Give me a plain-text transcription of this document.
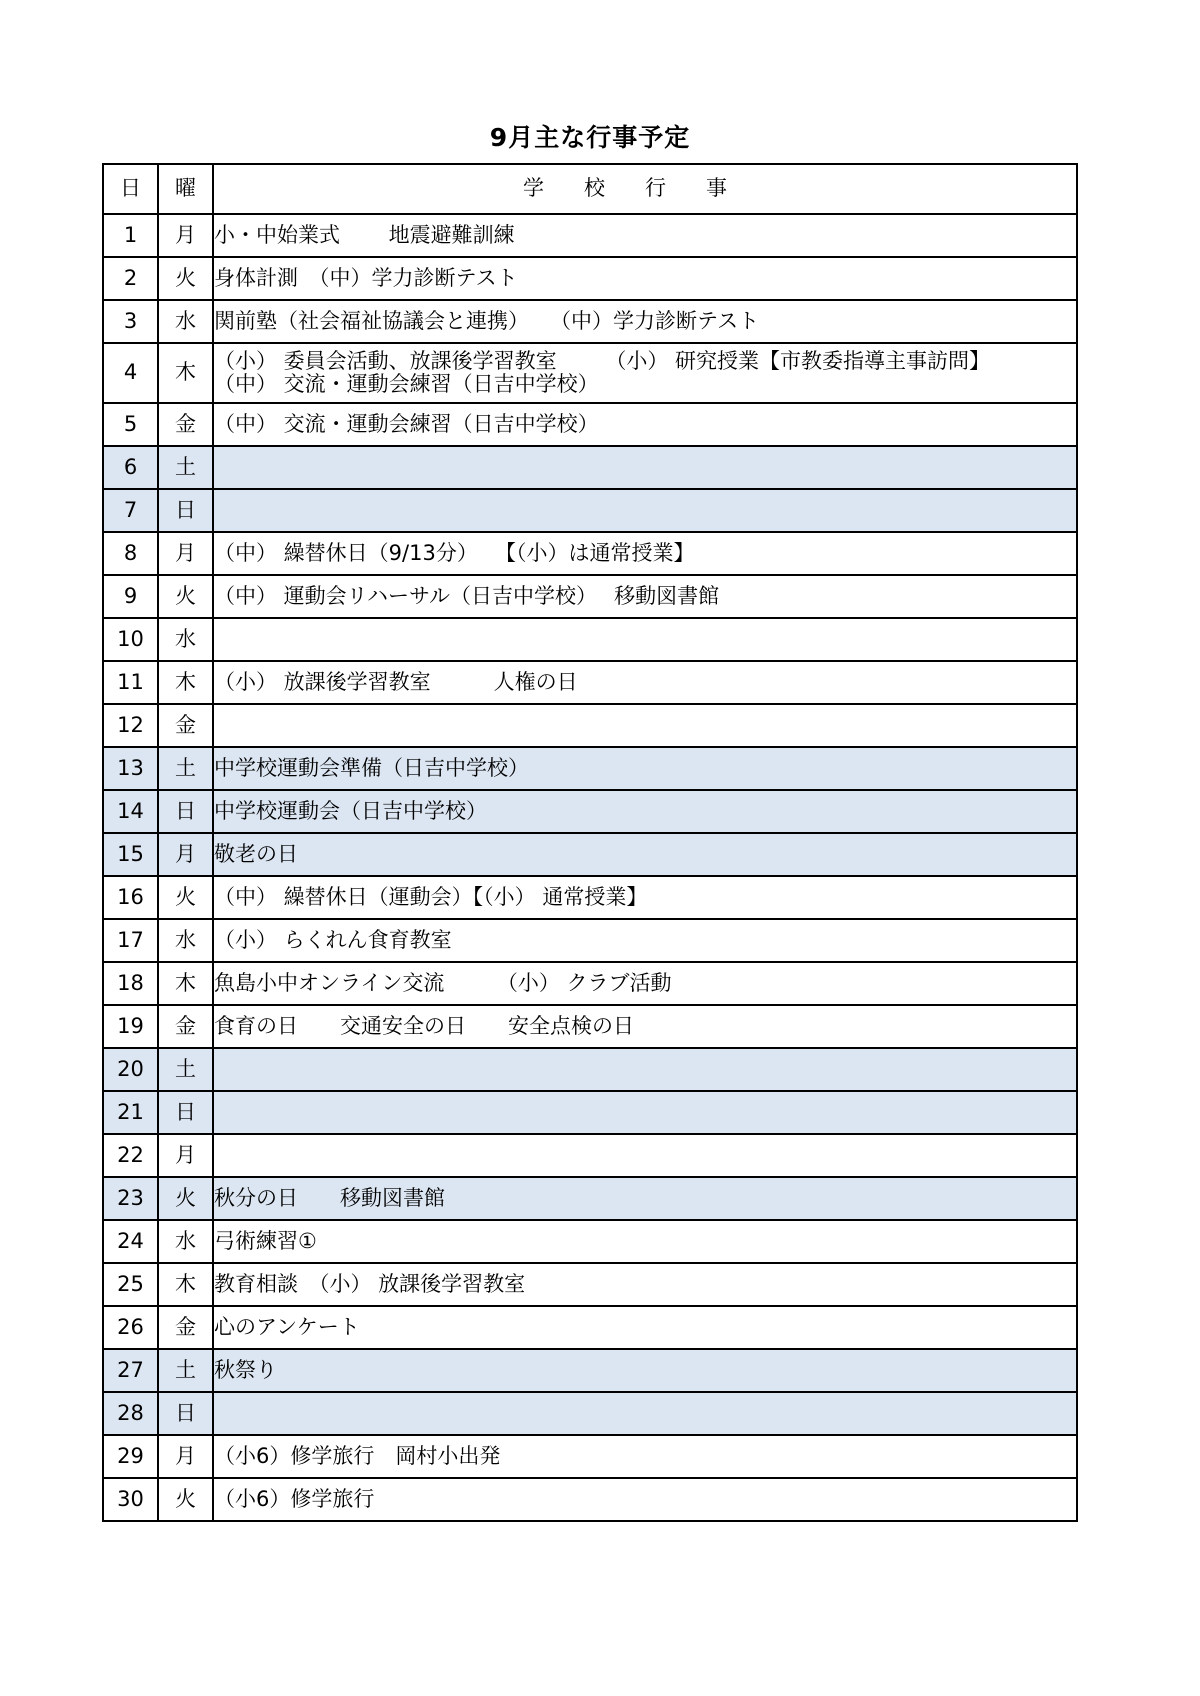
9月主な行事予定
日	曜	学校行事
1	月	小・中始業式　　 地震避難訓練

2	火	身体計測　（中）学力診断テスト

3	水	関前塾（社会福祉協議会と連携）　　（中）学力診断テスト

4	木	（小） 委員会活動、放課後学習教室　　 （小） 研究授業【市教委指導主事訪問】
（中） 交流・運動会練習（日吉中学校）

5	金	（中） 交流・運動会練習（日吉中学校）

6	土	

7	日	

8	月	（中） 繰替休日（9/13分）　 【（小）は通常授業】

9	火	（中） 運動会リハーサル（日吉中学校）　 移動図書館

10	水	

11	木	（小） 放課後学習教室　　　人権の日

12	金	

13	土	中学校運動会準備（日吉中学校）

14	日	中学校運動会（日吉中学校）

15	月	敬老の日

16	火	（中） 繰替休日（運動会）【（小） 通常授業】

17	水	（小） らくれん食育教室

18	木	魚島小中オンライン交流　　　（小） クラブ活動

19	金	食育の日　　交通安全の日　　安全点検の日

20	土	

21	日	

22	月	

23	火	秋分の日　　移動図書館

24	水	弓術練習①

25	木	教育相談　（小） 放課後学習教室

26	金	心のアンケート

27	土	秋祭り

28	日	

29	月	（小6）修学旅行　岡村小出発

30	火	（小6）修学旅行
